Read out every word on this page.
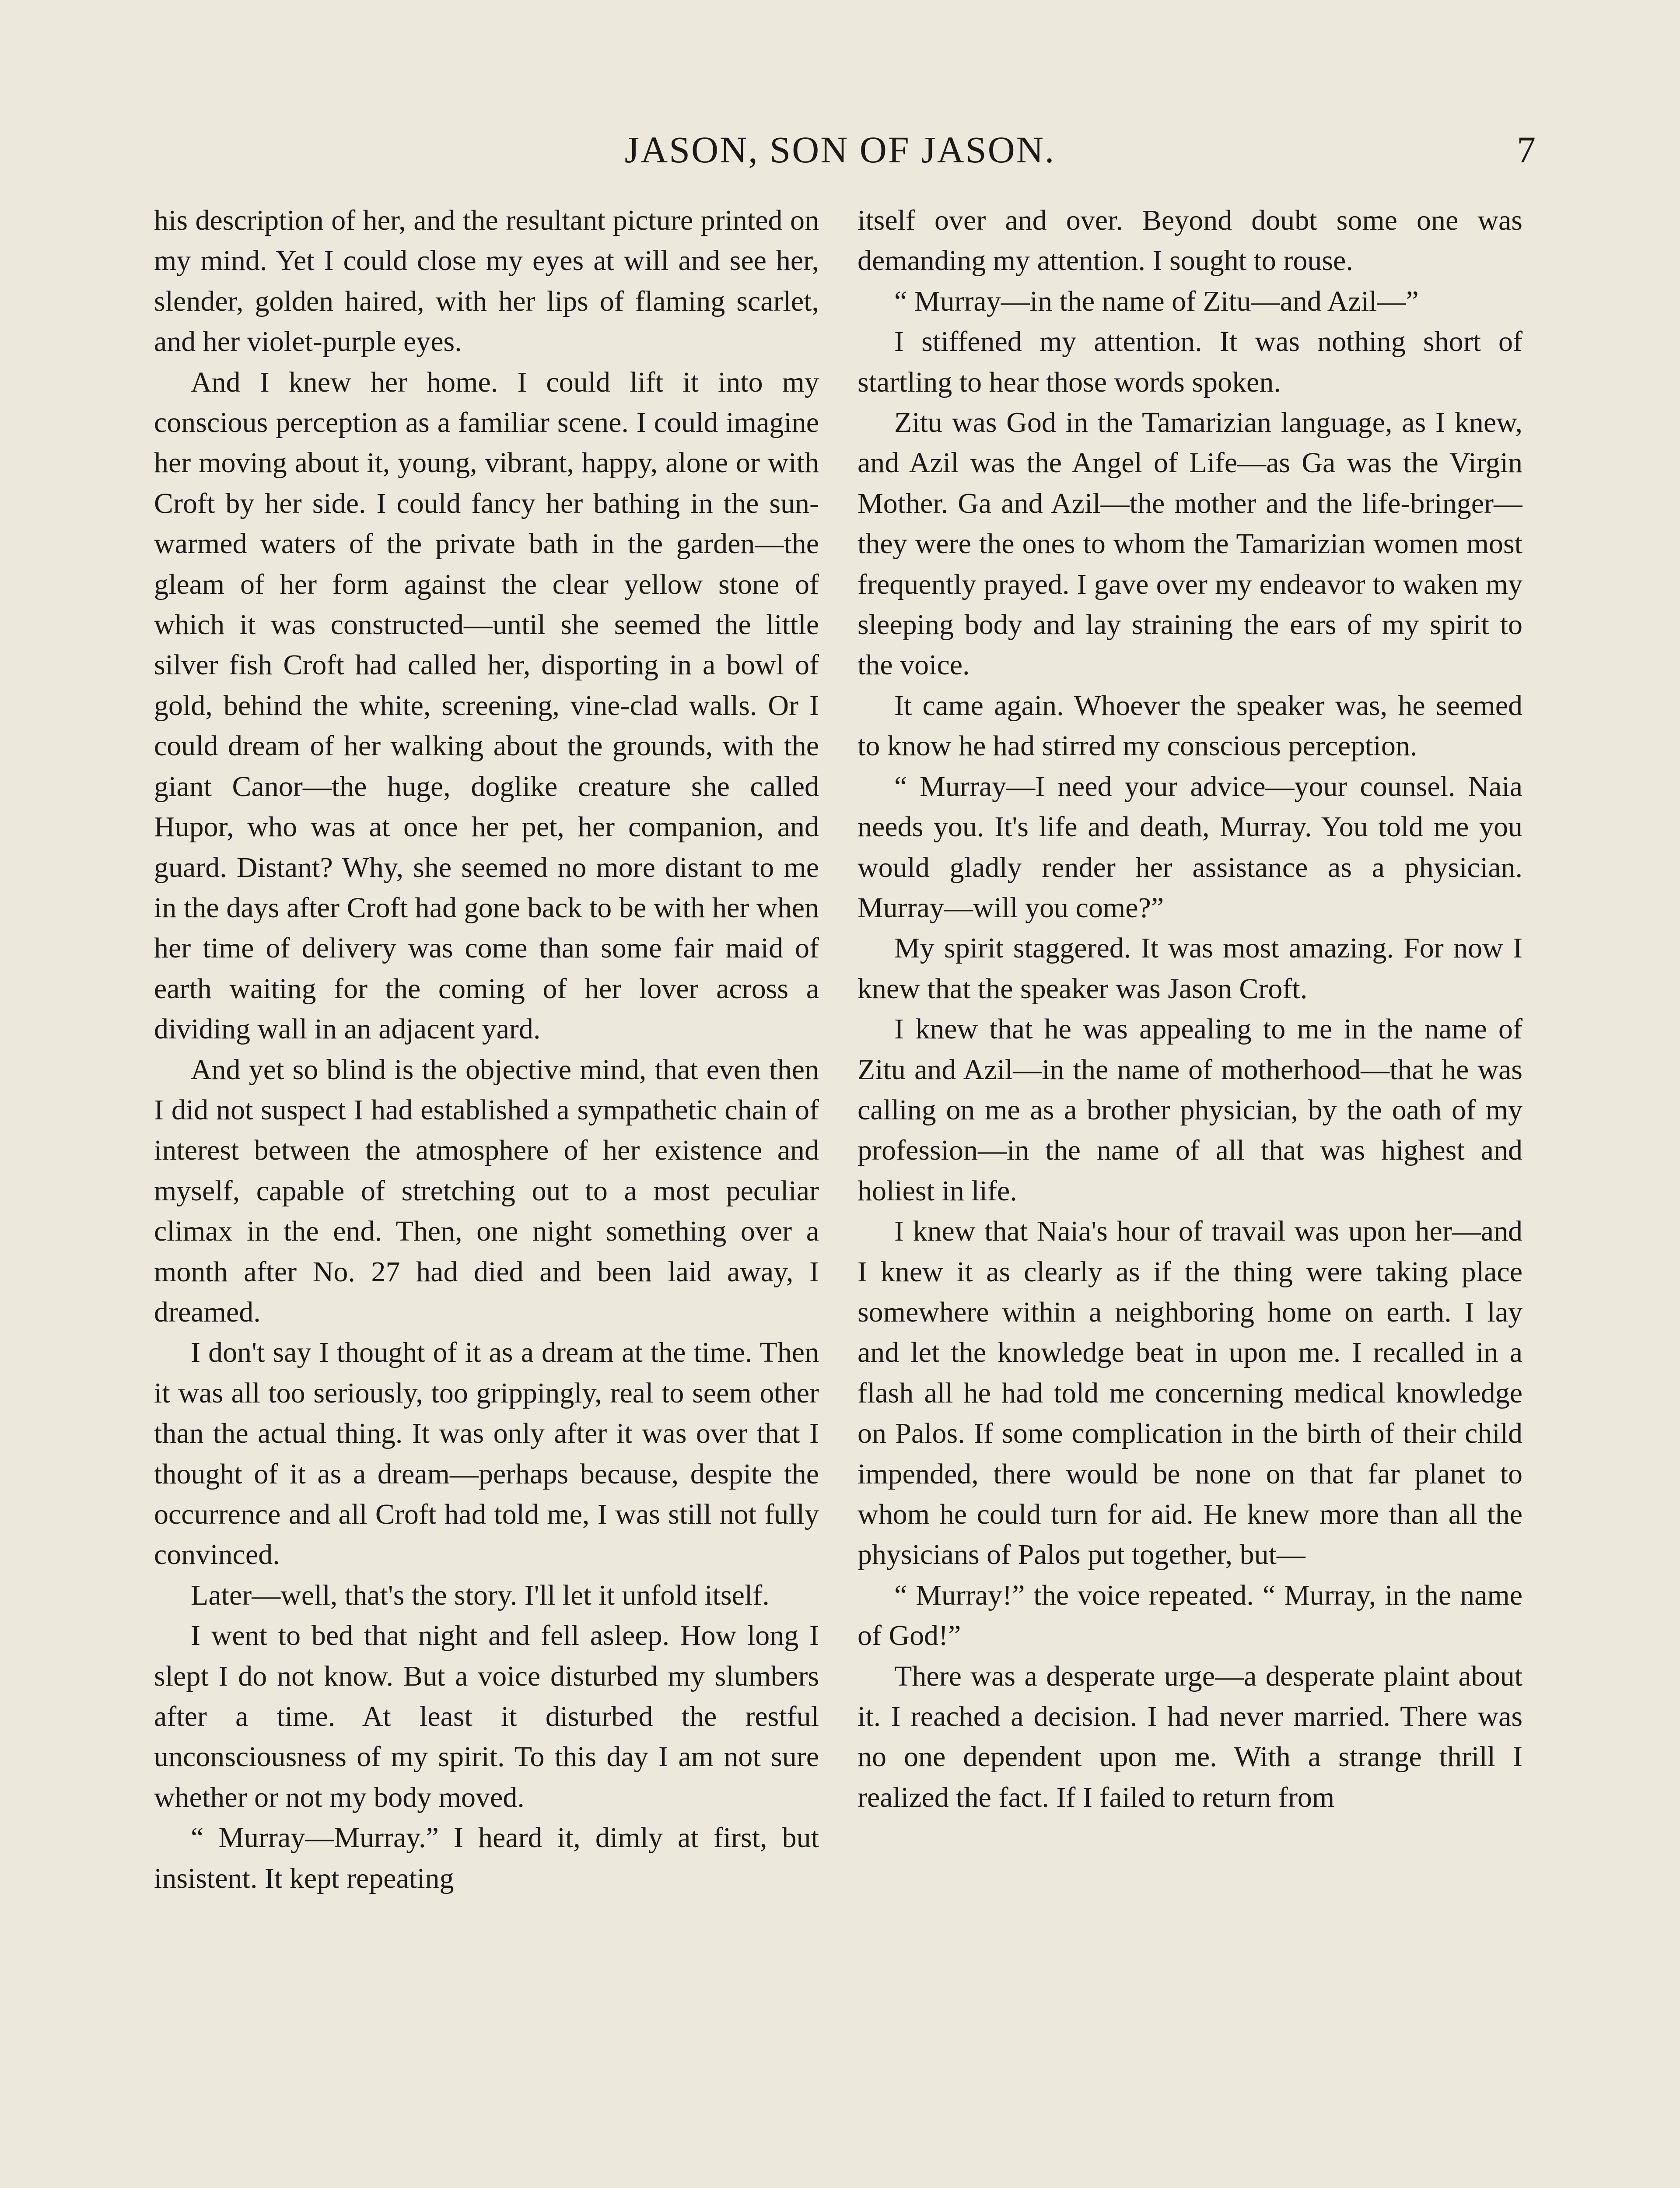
JASON, SON OF JASON.	7

his description of her, and the resultant picture printed on my mind. Yet I could close my eyes at will and see her, slender, golden haired, with her lips of flaming scarlet, and her violet-purple eyes.

And I knew her home. I could lift it into my conscious perception as a familiar scene. I could imagine her moving about it, young, vibrant, happy, alone or with Croft by her side. I could fancy her bathing in the sun-warmed waters of the private bath in the garden—the gleam of her form against the clear yellow stone of which it was constructed—until she seemed the little silver fish Croft had called her, disporting in a bowl of gold, behind the white, screening, vine-clad walls. Or I could dream of her walking about the grounds, with the giant Canor—the huge, doglike creature she called Hupor, who was at once her pet, her companion, and guard. Distant? Why, she seemed no more distant to me in the days after Croft had gone back to be with her when her time of delivery was come than some fair maid of earth waiting for the coming of her lover across a dividing wall in an adjacent yard.

And yet so blind is the objective mind, that even then I did not suspect I had established a sympathetic chain of interest between the atmosphere of her existence and myself, capable of stretching out to a most peculiar climax in the end. Then, one night something over a month after No. 27 had died and been laid away, I dreamed.

I don't say I thought of it as a dream at the time. Then it was all too seriously, too grippingly, real to seem other than the actual thing. It was only after it was over that I thought of it as a dream—perhaps because, despite the occurrence and all Croft had told me, I was still not fully convinced.

Later—well, that's the story. I'll let it unfold itself.

I went to bed that night and fell asleep. How long I slept I do not know. But a voice disturbed my slumbers after a time. At least it disturbed the restful unconsciousness of my spirit. To this day I am not sure whether or not my body moved.

“ Murray—Murray.” I heard it, dimly at first, but insistent. It kept repeating

itself over and over. Beyond doubt some one was demanding my attention. I sought to rouse.

“ Murray—in the name of Zitu—and Azil—”

I stiffened my attention. It was nothing short of startling to hear those words spoken.

Zitu was God in the Tamarizian language, as I knew, and Azil was the Angel of Life—as Ga was the Virgin Mother. Ga and Azil—the mother and the life-bringer—they were the ones to whom the Tamarizian women most frequently prayed. I gave over my endeavor to waken my sleeping body and lay straining the ears of my spirit to the voice.

It came again. Whoever the speaker was, he seemed to know he had stirred my conscious perception.

“ Murray—I need your advice—your counsel. Naia needs you. It's life and death, Murray. You told me you would gladly render her assistance as a physician. Murray—will you come?”

My spirit staggered. It was most amazing. For now I knew that the speaker was Jason Croft.

I knew that he was appealing to me in the name of Zitu and Azil—in the name of motherhood—that he was calling on me as a brother physician, by the oath of my profession—in the name of all that was highest and holiest in life.

I knew that Naia's hour of travail was upon her—and I knew it as clearly as if the thing were taking place somewhere within a neighboring home on earth. I lay and let the knowledge beat in upon me. I recalled in a flash all he had told me concerning medical knowledge on Palos. If some complication in the birth of their child impended, there would be none on that far planet to whom he could turn for aid. He knew more than all the physicians of Palos put together, but—

“ Murray!” the voice repeated. “ Murray, in the name of God!”

There was a desperate urge—a desperate plaint about it. I reached a decision. I had never married. There was no one dependent upon me. With a strange thrill I realized the fact. If I failed to return from
